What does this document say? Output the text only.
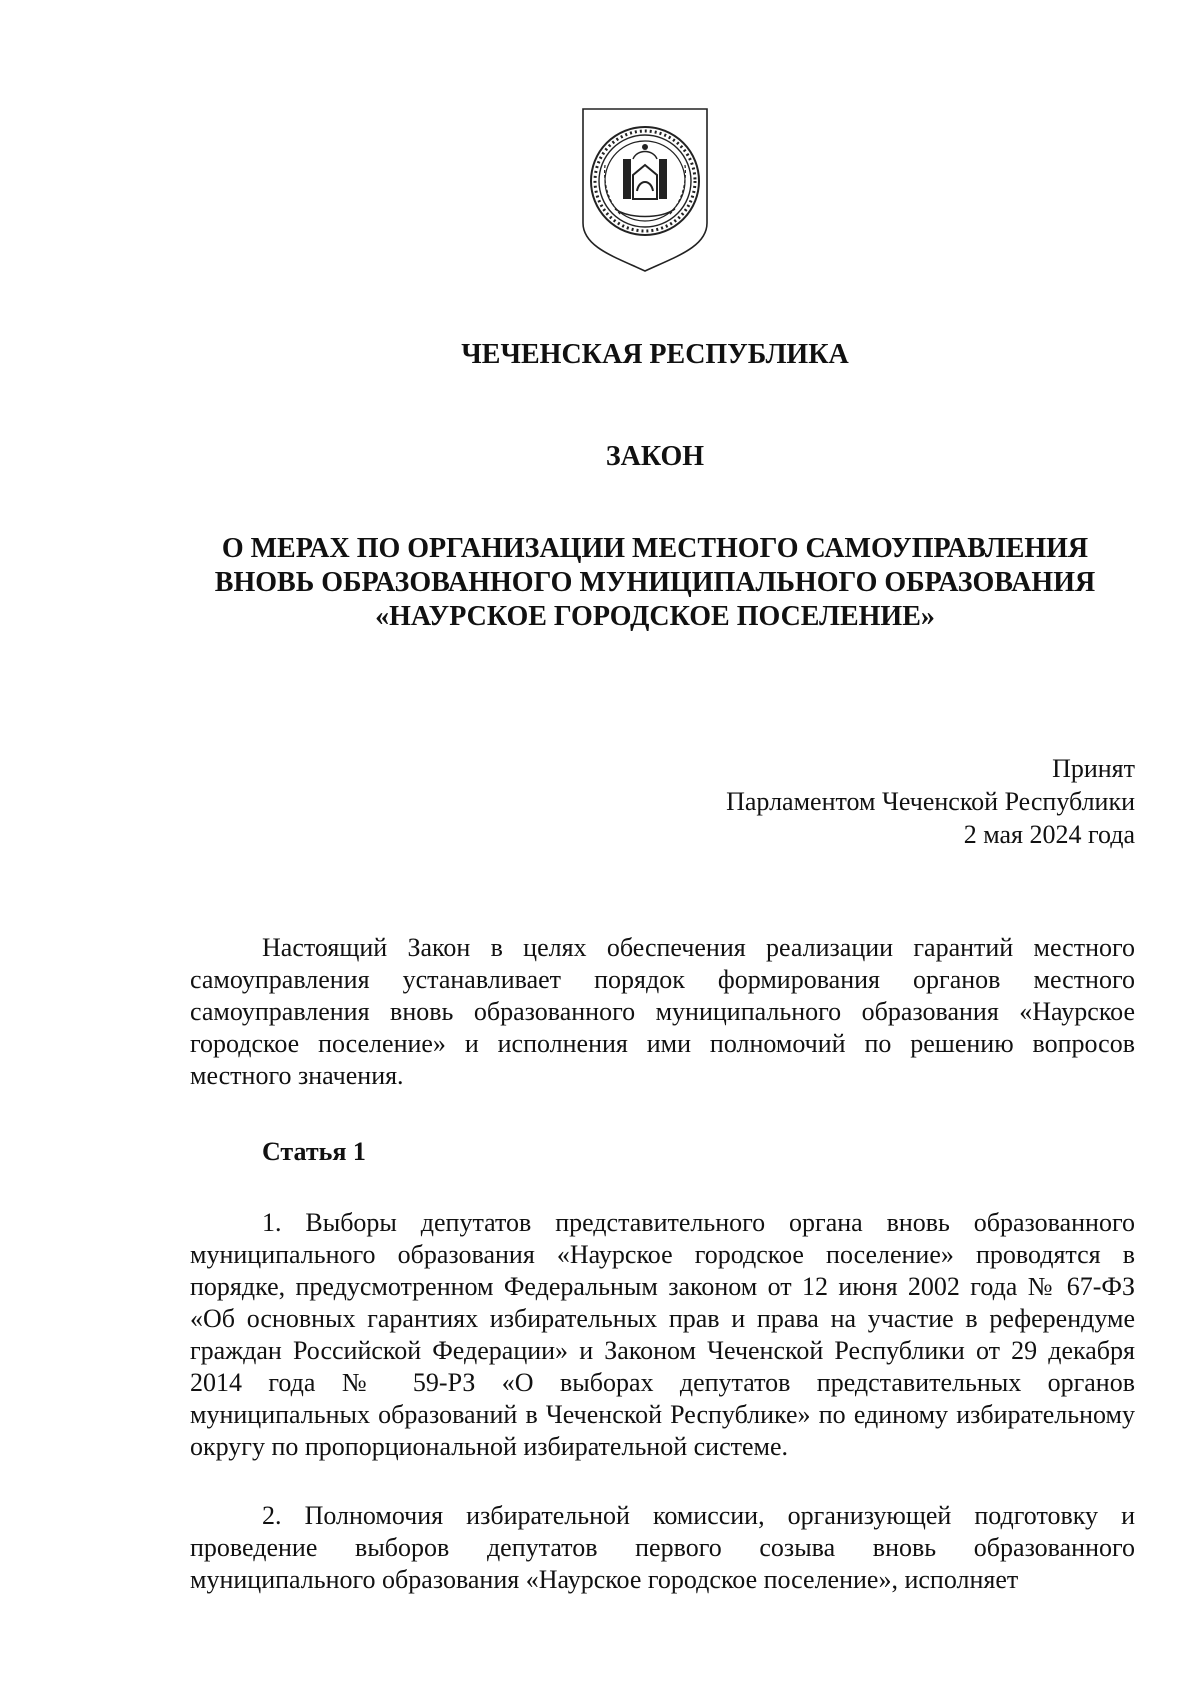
ЧЕЧЕНСКАЯ РЕСПУБЛИКА
ЗАКОН
О МЕРАХ ПО ОРГАНИЗАЦИИ МЕСТНОГО САМОУПРАВЛЕНИЯ
ВНОВЬ ОБРАЗОВАННОГО МУНИЦИПАЛЬНОГО ОБРАЗОВАНИЯ
«НАУРСКОЕ ГОРОДСКОЕ ПОСЕЛЕНИЕ»
Принят
Парламентом Чеченской Республики
2 мая 2024 года

Настоящий Закон в целях обеспечения реализации гарантий местного самоуправления устанавливает порядок формирования органов местного самоуправления вновь образованного муниципального образования «Наурское городское поселение» и исполнения ими полномочий по решению вопросов местного значения.

Статья 1

1. Выборы депутатов представительного органа вновь образованного муниципального образования «Наурское городское поселение» проводятся в порядке, предусмотренном Федеральным законом от 12 июня 2002 года № 67-ФЗ «Об основных гарантиях избирательных прав и права на участие в референдуме граждан Российской Федерации» и Законом Чеченской Республики от 29 декабря 2014 года № 59-РЗ «О выборах депутатов представительных органов муниципальных образований в Чеченской Республике» по единому избирательному округу по пропорциональной избирательной системе.

2. Полномочия избирательной комиссии, организующей подготовку и проведение выборов депутатов первого созыва вновь образованного муниципального образования «Наурское городское поселение», исполняет
